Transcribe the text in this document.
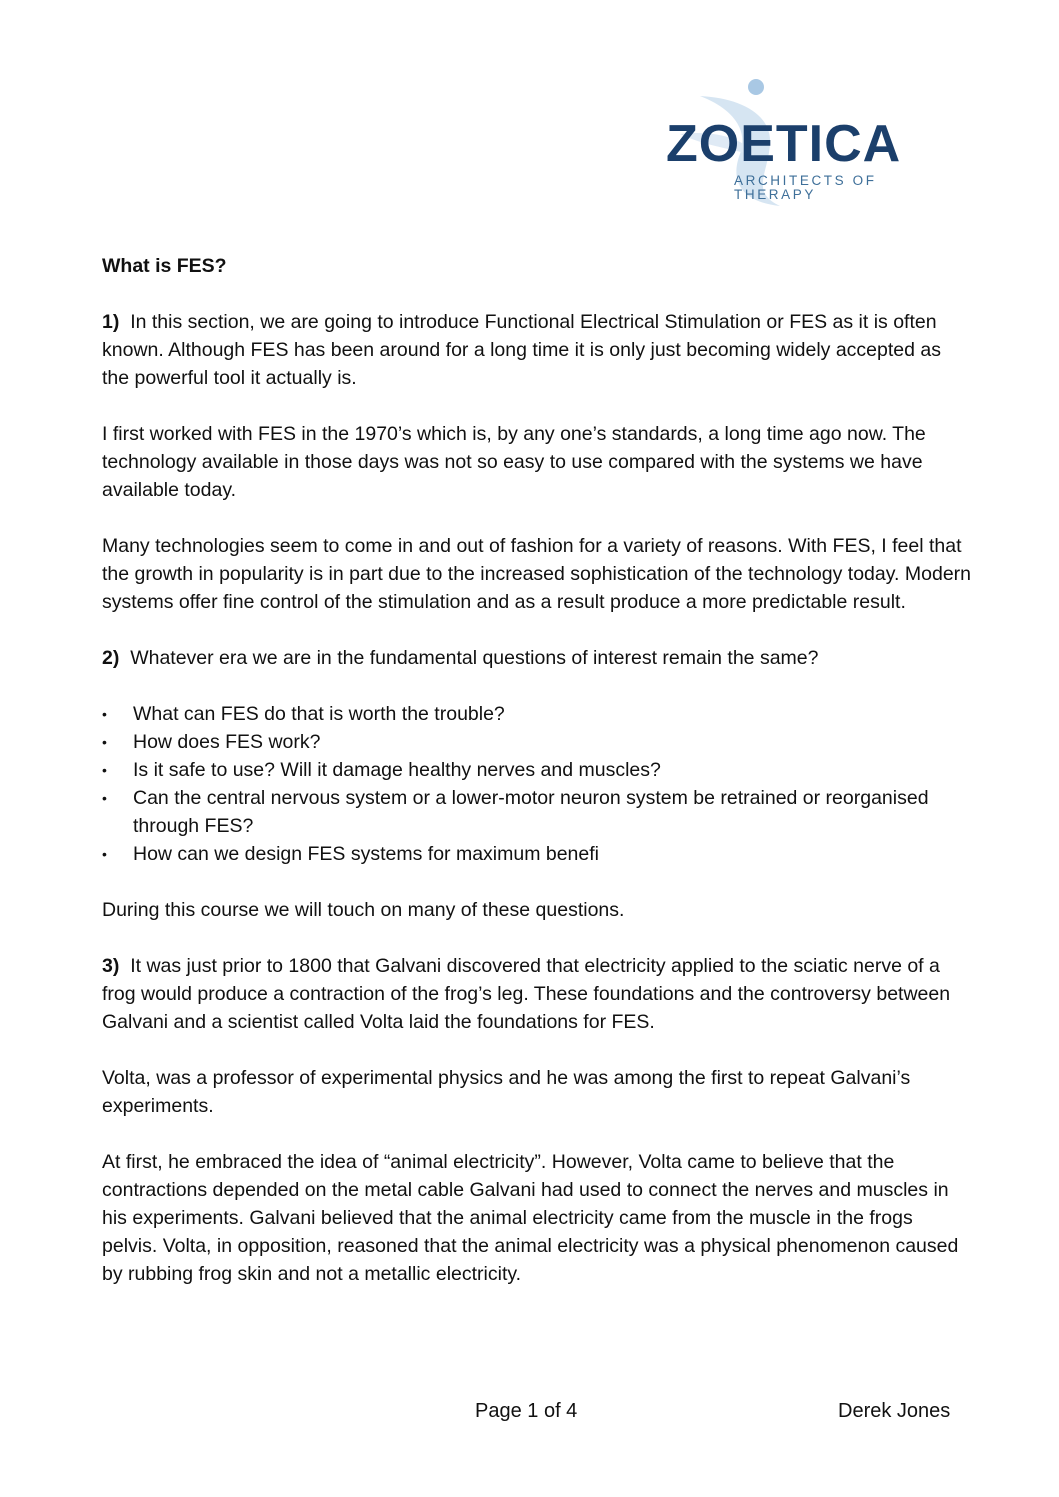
ZOETICA
ARCHITECTS OF THERAPY

What is FES?

1) In this section, we are going to introduce Functional Electrical Stimulation or FES as it is often known. Although FES has been around for a long time it is only just becoming widely accepted as the powerful tool it actually is.

I first worked with FES in the 1970’s which is, by any one’s standards, a long time ago now. The technology available in those days was not so easy to use compared with the systems we have available today.

Many technologies seem to come in and out of fashion for a variety of reasons. With FES, I feel that the growth in popularity is in part due to the increased sophistication of the technology today. Modern systems offer fine control of the stimulation and as a result produce a more predictable result.

2) Whatever era we are in the fundamental questions of interest remain the same?

• What can FES do that is worth the trouble?
• How does FES work?
• Is it safe to use? Will it damage healthy nerves and muscles?
• Can the central nervous system or a lower-motor neuron system be retrained or reorganised through FES?
• How can we design FES systems for maximum benefi

During this course we will touch on many of these questions.

3) It was just prior to 1800 that Galvani discovered that electricity applied to the sciatic nerve of a frog would produce a contraction of the frog’s leg. These foundations and the controversy between Galvani and a scientist called Volta laid the foundations for FES.

Volta, was a professor of experimental physics and he was among the first to repeat Galvani’s experiments.

At first, he embraced the idea of “animal electricity”. However, Volta came to believe that the contractions depended on the metal cable Galvani had used to connect the nerves and muscles in his experiments. Galvani believed that the animal electricity came from the muscle in the frogs pelvis. Volta, in opposition, reasoned that the animal electricity was a physical phenomenon caused by rubbing frog skin and not a metallic electricity.

Page 1 of 4	Derek Jones
